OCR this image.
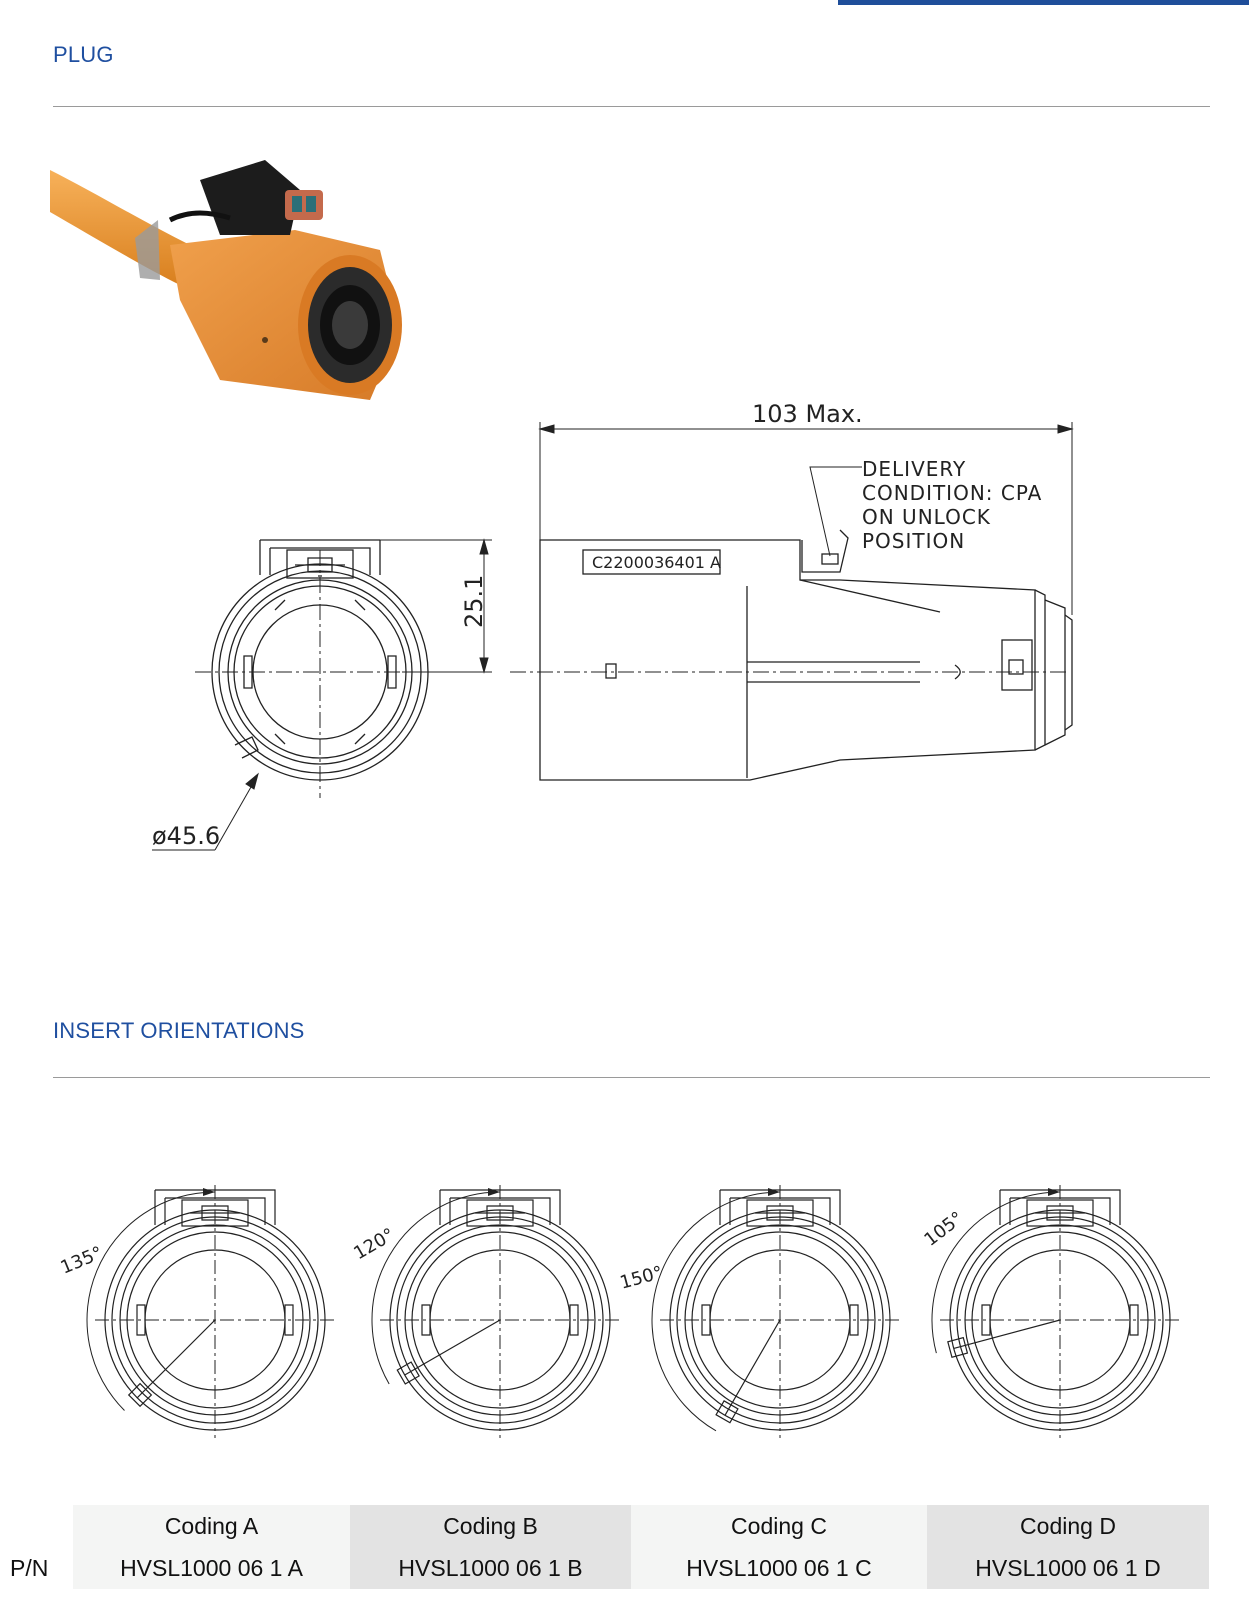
PLUG
C2200036401 A
103 Max.
25.1
ø45.6
DELIVERY
CONDITION: CPA
ON UNLOCK
POSITION
INSERT ORIENTATIONS
135°	120°
150°
105°
	Coding A	Coding B	Coding C	Coding D
P/N	HVSL1000 06 1 A	HVSL1000 06 1 B	HVSL1000 06 1 C	HVSL1000 06 1 D
